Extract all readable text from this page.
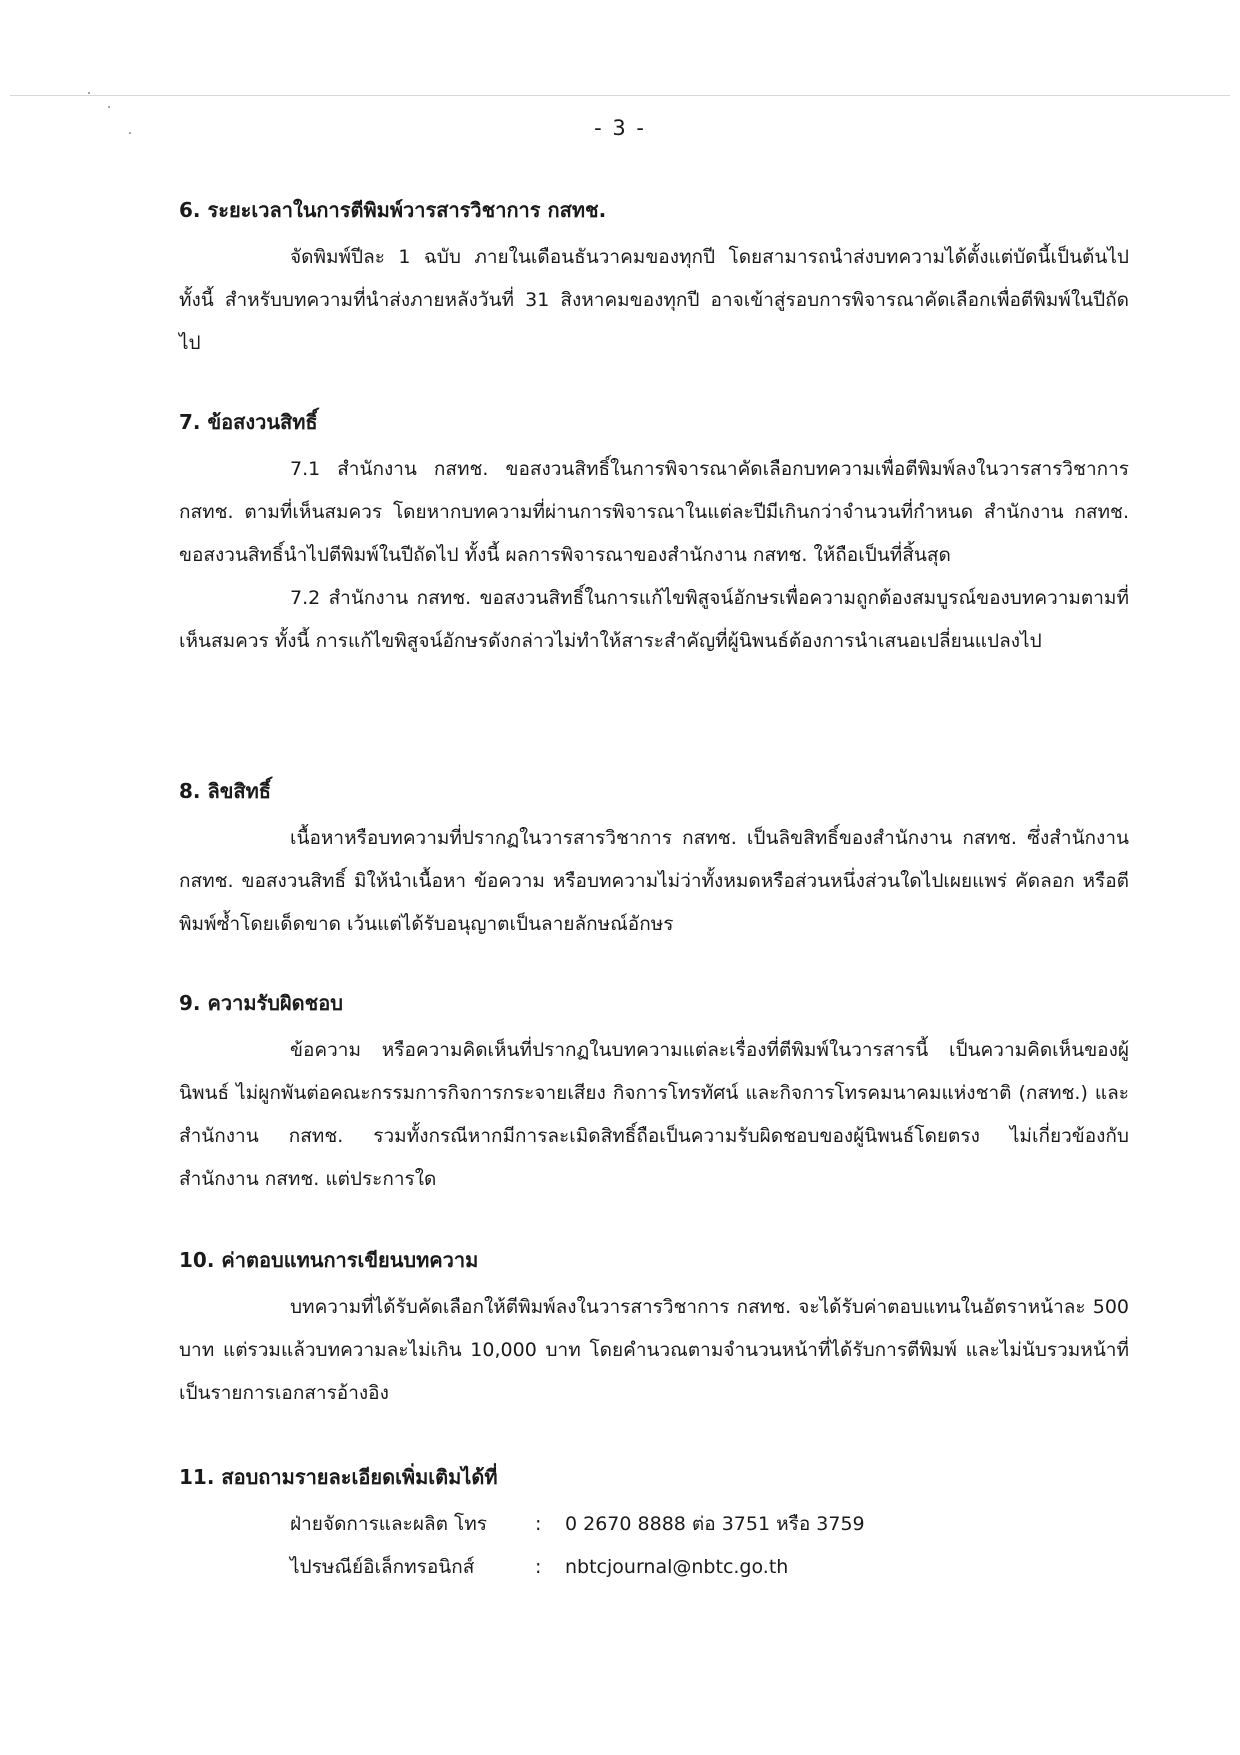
- 3 -

6. ระยะเวลาในการตีพิมพ์วารสารวิชาการ กสทช.

จัดพิมพ์ปีละ 1 ฉบับ ภายในเดือนธันวาคมของทุกปี โดยสามารถนำส่งบทความได้ตั้งแต่บัดนี้เป็นต้นไป ทั้งนี้ สำหรับบทความที่นำส่งภายหลังวันที่ 31 สิงหาคมของทุกปี อาจเข้าสู่รอบการพิจารณาคัดเลือกเพื่อตีพิมพ์ในปีถัดไป

7. ข้อสงวนสิทธิ์

7.1 สำนักงาน กสทช. ขอสงวนสิทธิ์ในการพิจารณาคัดเลือกบทความเพื่อตีพิมพ์ลงในวารสารวิชาการ กสทช. ตามที่เห็นสมควร โดยหากบทความที่ผ่านการพิจารณาในแต่ละปีมีเกินกว่าจำนวนที่กำหนด สำนักงาน กสทช. ขอสงวนสิทธิ์นำไปตีพิมพ์ในปีถัดไป ทั้งนี้ ผลการพิจารณาของสำนักงาน กสทช. ให้ถือเป็นที่สิ้นสุด

7.2 สำนักงาน กสทช. ขอสงวนสิทธิ์ในการแก้ไขพิสูจน์อักษรเพื่อความถูกต้องสมบูรณ์ของบทความตามที่เห็นสมควร ทั้งนี้ การแก้ไขพิสูจน์อักษรดังกล่าวไม่ทำให้สาระสำคัญที่ผู้นิพนธ์ต้องการนำเสนอเปลี่ยนแปลงไป

8. ลิขสิทธิ์

เนื้อหาหรือบทความที่ปรากฏในวารสารวิชาการ กสทช. เป็นลิขสิทธิ์ของสำนักงาน กสทช. ซึ่งสำนักงาน กสทช. ขอสงวนสิทธิ์ มิให้นำเนื้อหา ข้อความ หรือบทความไม่ว่าทั้งหมดหรือส่วนหนึ่งส่วนใดไปเผยแพร่ คัดลอก หรือตีพิมพ์ซ้ำโดยเด็ดขาด เว้นแต่ได้รับอนุญาตเป็นลายลักษณ์อักษร

9. ความรับผิดชอบ

ข้อความ หรือความคิดเห็นที่ปรากฏในบทความแต่ละเรื่องที่ตีพิมพ์ในวารสารนี้ เป็นความคิดเห็นของผู้นิพนธ์ ไม่ผูกพันต่อคณะกรรมการกิจการกระจายเสียง กิจการโทรทัศน์ และกิจการโทรคมนาคมแห่งชาติ (กสทช.) และสำนักงาน กสทช. รวมทั้งกรณีหากมีการละเมิดสิทธิ์ถือเป็นความรับผิดชอบของผู้นิพนธ์โดยตรง ไม่เกี่ยวข้องกับสำนักงาน กสทช. แต่ประการใด

10. ค่าตอบแทนการเขียนบทความ

บทความที่ได้รับคัดเลือกให้ตีพิมพ์ลงในวารสารวิชาการ กสทช. จะได้รับค่าตอบแทนในอัตราหน้าละ 500 บาท แต่รวมแล้วบทความละไม่เกิน 10,000 บาท โดยคำนวณตามจำนวนหน้าที่ได้รับการตีพิมพ์ และไม่นับรวมหน้าที่เป็นรายการเอกสารอ้างอิง

11. สอบถามรายละเอียดเพิ่มเติมได้ที่

ฝ่ายจัดการและผลิต โทร	:	0 2670 8888 ต่อ 3751 หรือ 3759
ไปรษณีย์อิเล็กทรอนิกส์	:	nbtcjournal@nbtc.go.th
